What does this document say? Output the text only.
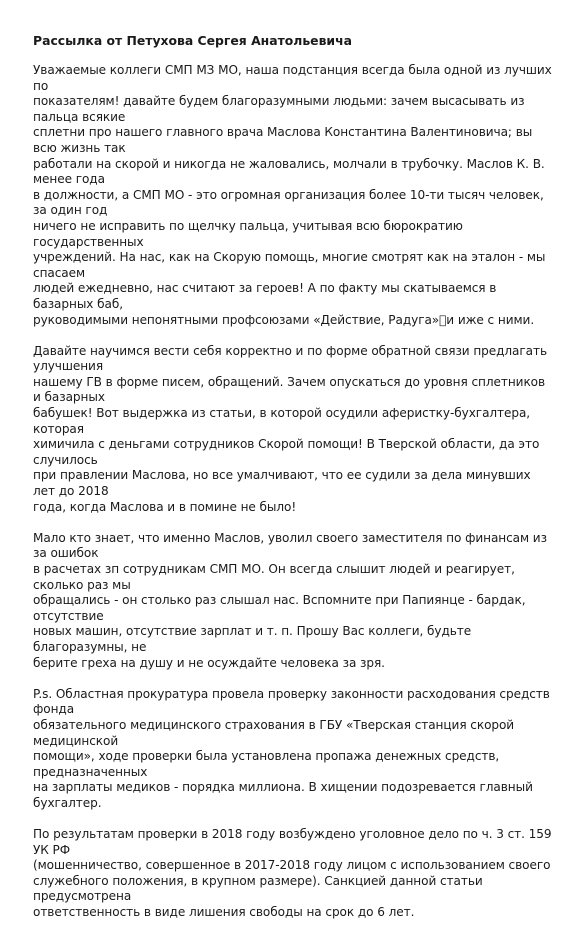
Рассылка от Петухова Сергея Анатольевича
Уважаемые коллеги СМП МЗ МО, наша подстанция всегда была одной из лучших по
показателям! давайте будем благоразумными людьми: зачем высасывать из пальца всякие
сплетни про нашего главного врача Маслова Константина Валентиновича; вы всю жизнь так
работали на скорой и никогда не жаловались, молчали в трубочку. Маслов К. В. менее года
в должности, а СМП МО - это огромная организация более 10-ти тысяч человек, за один год
ничего не исправить по щелчку пальца, учитывая всю бюрократию государственных
учреждений. На нас, как на Скорую помощь, многие смотрят как на эталон - мы спасаем
людей ежедневно, нас считают за героев! А по факту мы скатываемся в базарных баб,
руководимыми непонятными профсоюзами «Действие, Радуга» и иже с ними.
Давайте научимся вести себя корректно и по форме обратной связи предлагать улучшения
нашему ГВ в форме писем, обращений. Зачем опускаться до уровня сплетников и базарных
бабушек! Вот выдержка из статьи, в которой осудили аферистку-бухгалтера, которая
химичила с деньгами сотрудников Скорой помощи! В Тверской области, да это случилось
при правлении Маслова, но все умалчивают, что ее судили за дела минувших лет до 2018
года, когда Маслова и в помине не было!
Мало кто знает, что именно Маслов, уволил своего заместителя по финансам из за ошибок
в расчетах зп сотрудникам СМП МО. Он всегда слышит людей и реагирует, сколько раз мы
обращались - он столько раз слышал нас. Вспомните при Папиянце - бардак, отсутствие
новых машин, отсутствие зарплат и т. п. Прошу Вас коллеги, будьте благоразумны, не
берите греха на душу и не осуждайте человека за зря.
P.s. Областная прокуратура провела проверку законности расходования средств фонда
обязательного медицинского страхования в ГБУ «Тверская станция скорой медицинской
помощи», ходе проверки была установлена пропажа денежных средств, предназначенных
на зарплаты медиков - порядка миллиона. В хищении подозревается главный бухгалтер.
По результатам проверки в 2018 году возбуждено уголовное дело по ч. 3 ст. 159 УК РФ
(мошенничество, совершенное в 2017-2018 году лицом с использованием своего
служебного положения, в крупном размере). Санкцией данной статьи предусмотрена
ответственность в виде лишения свободы на срок до 6 лет.
